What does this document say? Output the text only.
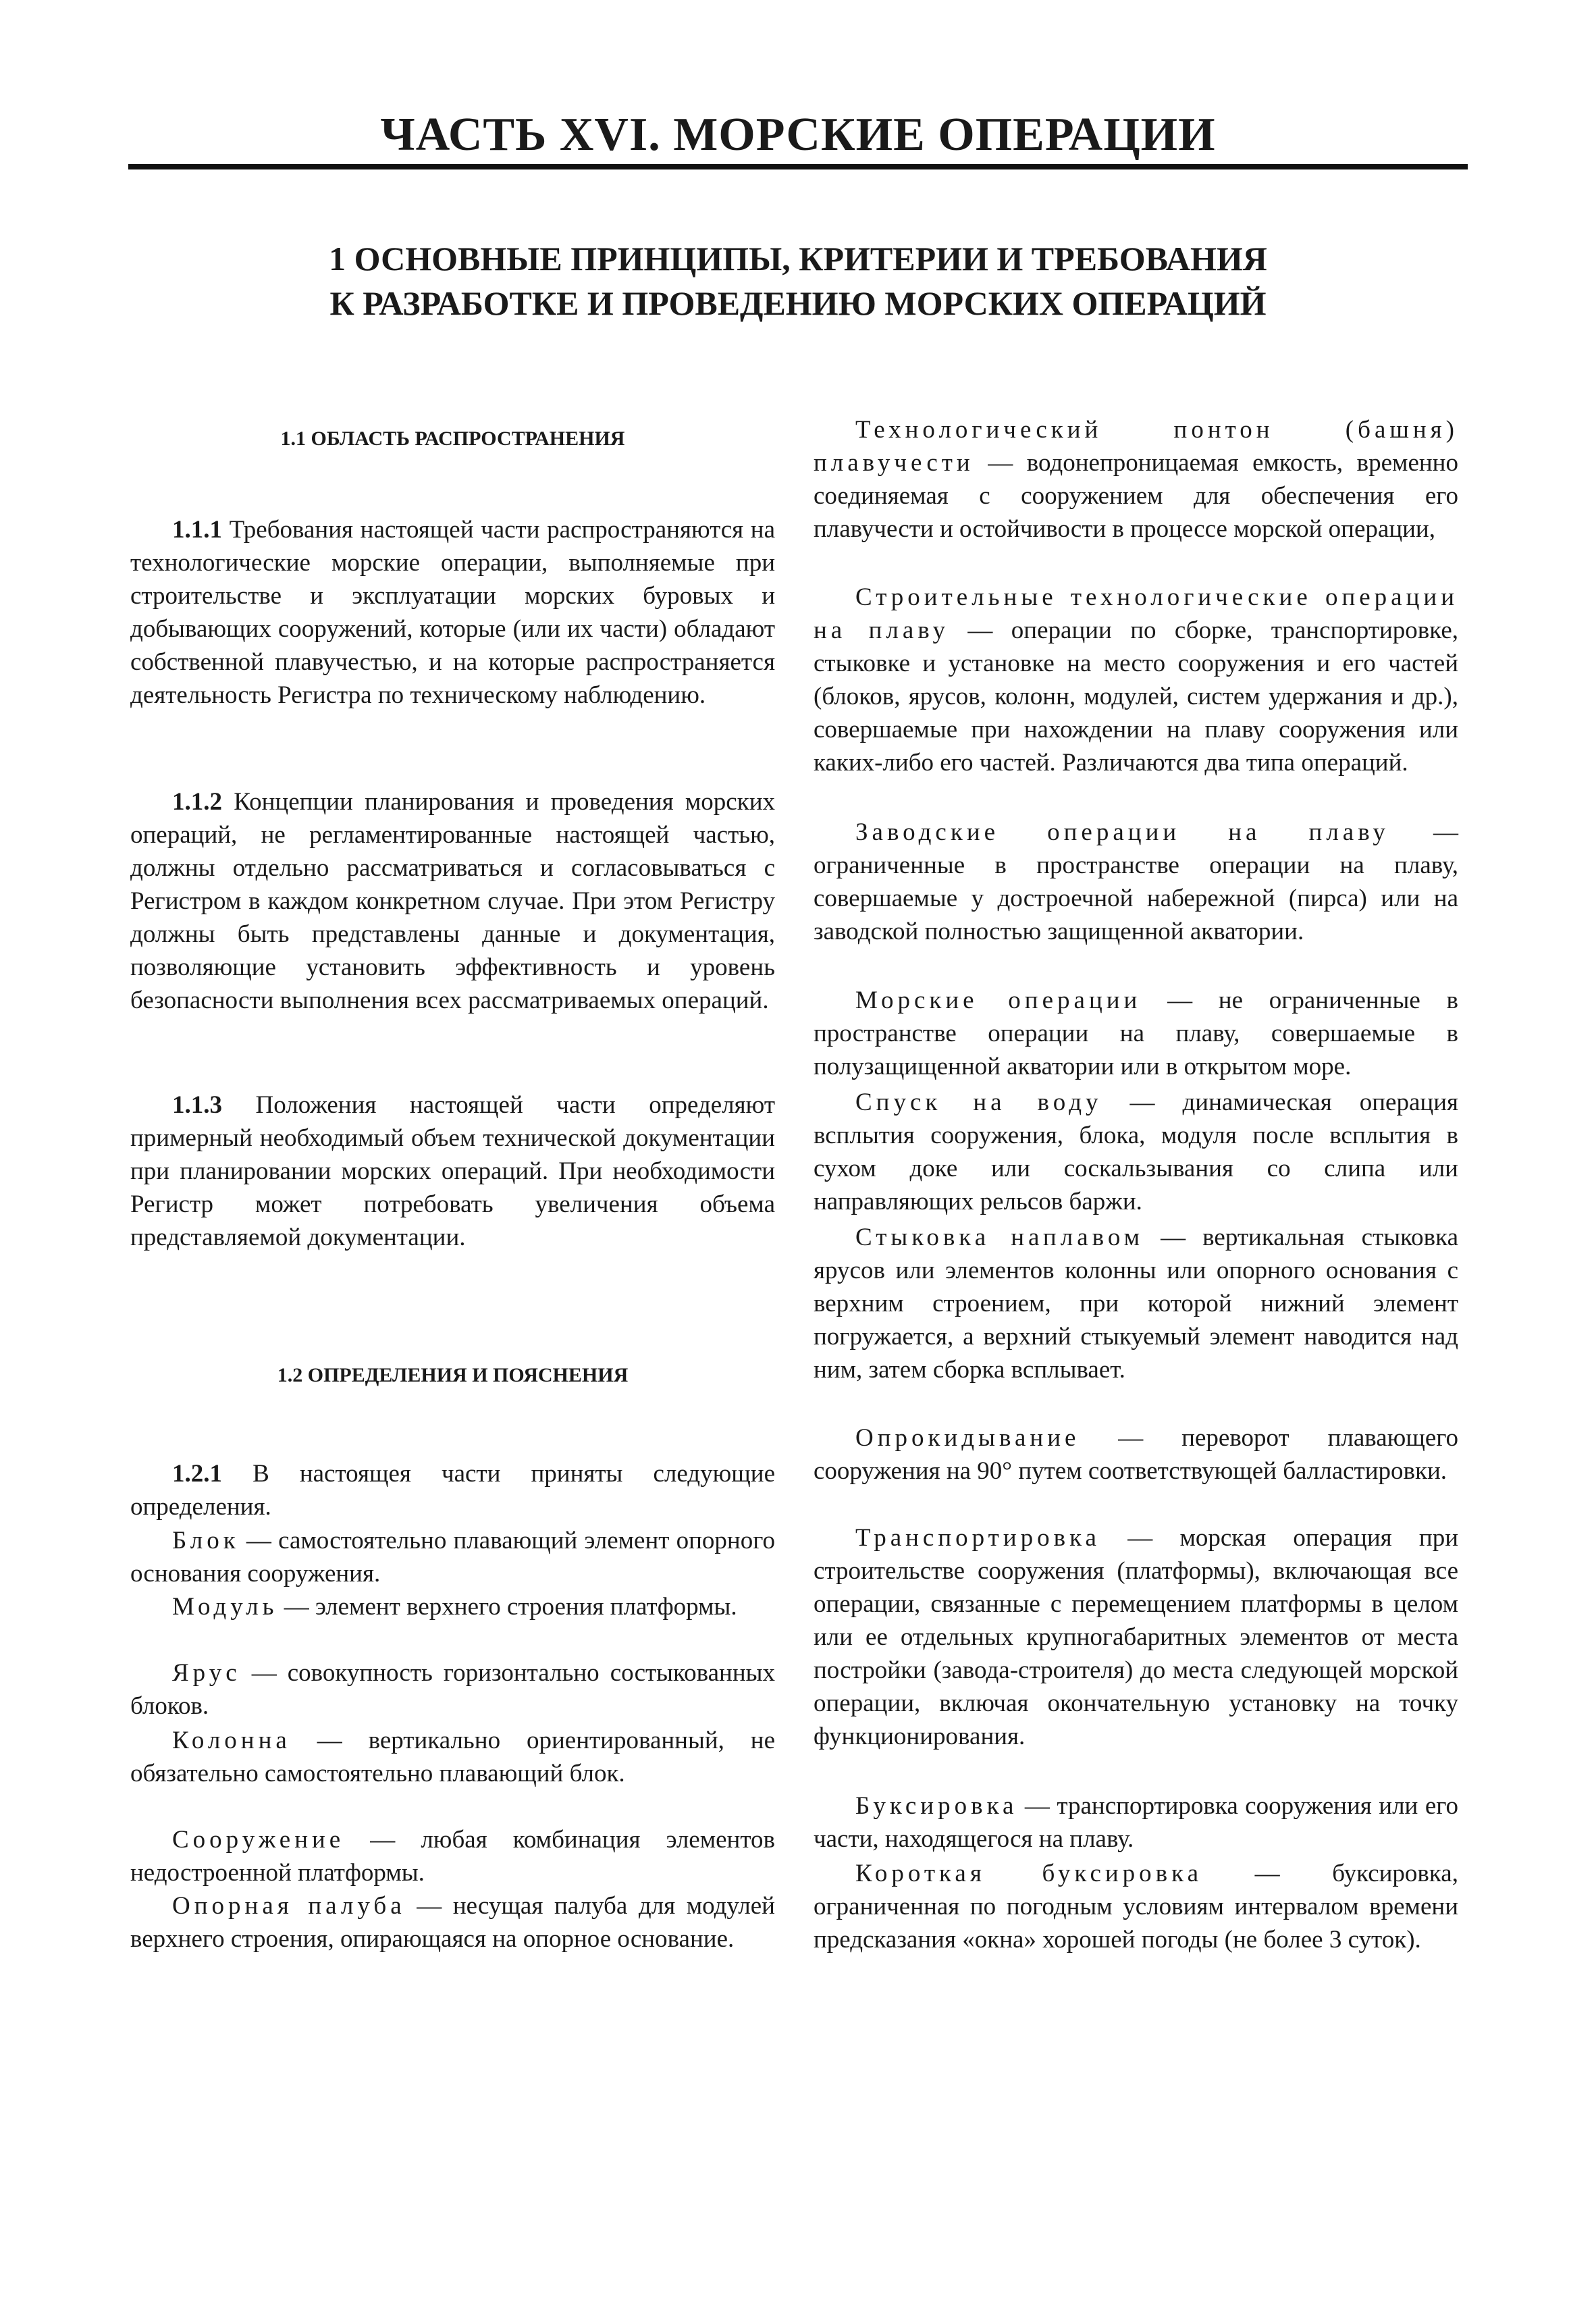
ЧАСТЬ XVI. МОРСКИЕ ОПЕРАЦИИ
1 ОСНОВНЫЕ ПРИНЦИПЫ, КРИТЕРИИ И ТРЕБОВАНИЯ
К РАЗРАБОТКЕ И ПРОВЕДЕНИЮ МОРСКИХ ОПЕРАЦИЙ
1.1 ОБЛАСТЬ РАСПРОСТРАНЕНИЯ

1.1.1 Требования настоящей части распространяются на технологические морские операции, выполняемые при строительстве и эксплуатации морских буровых и добывающих сооружений, которые (или их части) обладают собственной плавучестью, и на которые распространяется деятельность Регистра по техническому наблюдению.

1.1.2 Концепции планирования и проведения морских операций, не регламентированные настоящей частью, должны отдельно рассматриваться и согласовываться с Регистром в каждом конкретном случае. При этом Регистру должны быть представлены данные и документация, позволяющие установить эффективность и уровень безопасности выполнения всех рассматриваемых операций.

1.1.3 Положения настоящей части определяют примерный необходимый объем технической документации при планировании морских операций. При необходимости Регистр может потребовать увеличения объема представляемой документации.

1.2 ОПРЕДЕЛЕНИЯ И ПОЯСНЕНИЯ

1.2.1 В настоящея части приняты следующие определения.

Блок — самостоятельно плавающий элемент опорного основания сооружения.

Модуль — элемент верхнего строения платформы.

Ярус — совокупность горизонтально состыкованных блоков.

Колонна — вертикально ориентированный, не обязательно самостоятельно плавающий блок.

Сооружение — любая комбинация элементов недостроенной платформы.

Опорная палуба — несущая палуба для модулей верхнего строения, опирающаяся на опорное основание.

Технологический понтон (башня) плавучести — водонепроницаемая емкость, временно соединяемая с сооружением для обеспечения его плавучести и остойчивости в процессе морской операции,

Строительные технологические операции на плаву — операции по сборке, транспортировке, стыковке и установке на место сооружения и его частей (блоков, ярусов, колонн, модулей, систем удержания и др.), совершаемые при нахождении на плаву сооружения или каких-либо его частей. Различаются два типа операций.

Заводские операции на плаву — ограниченные в пространстве операции на плаву, совершаемые у достроечной набережной (пирса) или на заводской полностью защищенной акватории.

Морские операции — не ограниченные в пространстве операции на плаву, совершаемые в полузащищенной акватории или в открытом море.

Спуск на воду — динамическая операция всплытия сооружения, блока, модуля после всплытия в сухом доке или соскальзывания со слипа или направляющих рельсов баржи.

Стыковка наплавом — вертикальная стыковка ярусов или элементов колонны или опорного основания с верхним строением, при которой нижний элемент погружается, а верхний стыкуемый элемент наводится над ним, затем сборка всплывает.

Опрокидывание — переворот плавающего сооружения на 90° путем соответствующей балластировки.

Транспортировка — морская операция при строительстве сооружения (платформы), включающая все операции, связанные с перемещением платформы в целом или ее отдельных крупногабаритных элементов от места постройки (завода-строителя) до места следующей морской операции, включая окончательную установку на точку функционирования.

Буксировка — транспортировка сооружения или его части, находящегося на плаву.

Короткая буксировка — буксировка, ограниченная по погодным условиям интервалом времени предсказания «окна» хорошей погоды (не более 3 суток).
